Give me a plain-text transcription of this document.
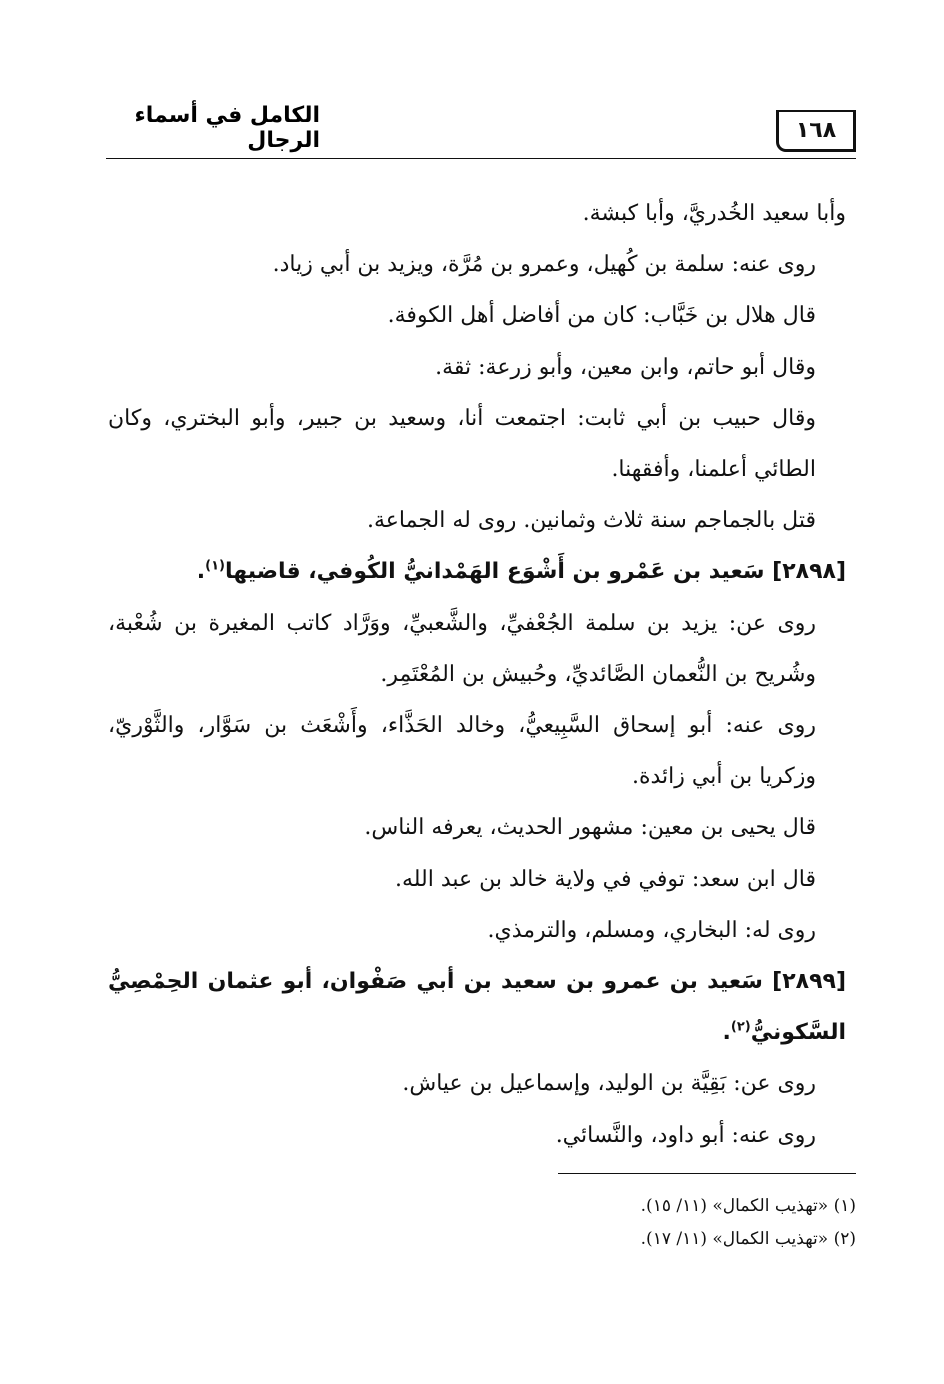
١٦٨
الكامل في أسماء الرجال

وأبا سعيد الخُدريَّ، وأبا كبشة.

روى عنه: سلمة بن كُهيل، وعمرو بن مُرَّة، ويزيد بن أبي زياد.

قال هلال بن خَبَّاب: كان من أفاضل أهل الكوفة.

وقال أبو حاتم، وابن معين، وأبو زرعة: ثقة.

وقال حبيب بن أبي ثابت: اجتمعت أنا، وسعيد بن جبير، وأبو البختري، وكان الطائي أعلمنا، وأفقهنا.

قتل بالجماجم سنة ثلاث وثمانين. روى له الجماعة.

[٢٨٩٨] سَعيد بن عَمْرو بن أَشْوَع الهَمْدانيُّ الكُوفي، قاضيها$^{(١)}$.

روى عن: يزيد بن سلمة الجُعْفيِّ، والشَّعبيِّ، ووَرَّاد كاتب المغيرة بن شُعْبة، وشُريح بن النُّعمان الصَّائديِّ، وحُبيش بن المُعْتَمِر.

روى عنه: أبو إسحاق السَّبِيعيُّ، وخالد الحَذَّاء، وأَشْعَث بن سَوَّار، والثَّوْريّ، وزكريا بن أبي زائدة.

قال يحيى بن معين: مشهور الحديث، يعرفه الناس.

قال ابن سعد: توفي في ولاية خالد بن عبد الله.

روى له: البخاري، ومسلم، والترمذي.

[٢٨٩٩] سَعيد بن عمرو بن سعيد بن أبي صَفْوان، أبو عثمان الحِمْصِيُّ السَّكونيُّ$^{(٢)}$.

روى عن: بَقِيَّة بن الوليد، وإسماعيل بن عياش.

روى عنه: أبو داود، والنَّسائي.

(١) «تهذيب الكمال» (١١/ ١٥).

(٢) «تهذيب الكمال» (١١/ ١٧).
